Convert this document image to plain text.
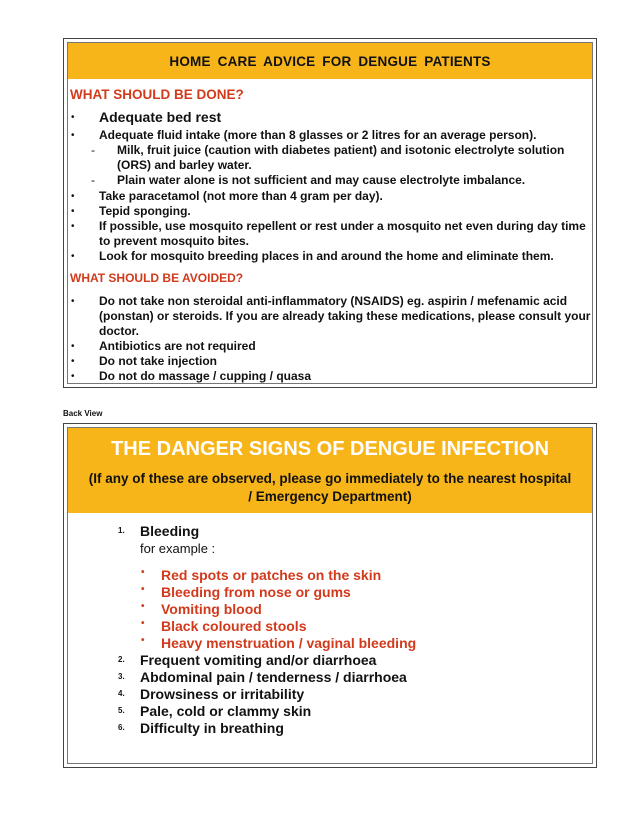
HOME CARE ADVICE FOR DENGUE PATIENTS
WHAT SHOULD BE DONE?
• Adequate bed rest
• Adequate fluid intake (more than 8 glasses or 2 litres for an average person).
- Milk, fruit juice (caution with diabetes patient) and isotonic electrolyte solution (ORS) and barley water.
- Plain water alone is not sufficient and may cause electrolyte imbalance.
• Take paracetamol (not more than 4 gram per day).
• Tepid sponging.
• If possible, use mosquito repellent or rest under a mosquito net even during day time to prevent mosquito bites.
• Look for mosquito breeding places in and around the home and eliminate them.
WHAT SHOULD BE AVOIDED?
• Do not take non steroidal anti-inflammatory (NSAIDS) eg. aspirin / mefenamic acid (ponstan) or steroids. If you are already taking these medications, please consult your doctor.
• Antibiotics are not required
• Do not take injection
• Do not do massage / cupping / quasa
Back View
THE DANGER SIGNS OF DENGUE INFECTION
(If any of these are observed, please go immediately to the nearest hospital / Emergency Department)
1. Bleeding
for example :
• Red spots or patches on the skin
• Bleeding from nose or gums
• Vomiting blood
• Black coloured stools
• Heavy menstruation / vaginal bleeding
2. Frequent vomiting and/or diarrhoea
3. Abdominal pain / tenderness / diarrhoea
4. Drowsiness or irritability
5. Pale, cold or clammy skin
6. Difficulty in breathing
